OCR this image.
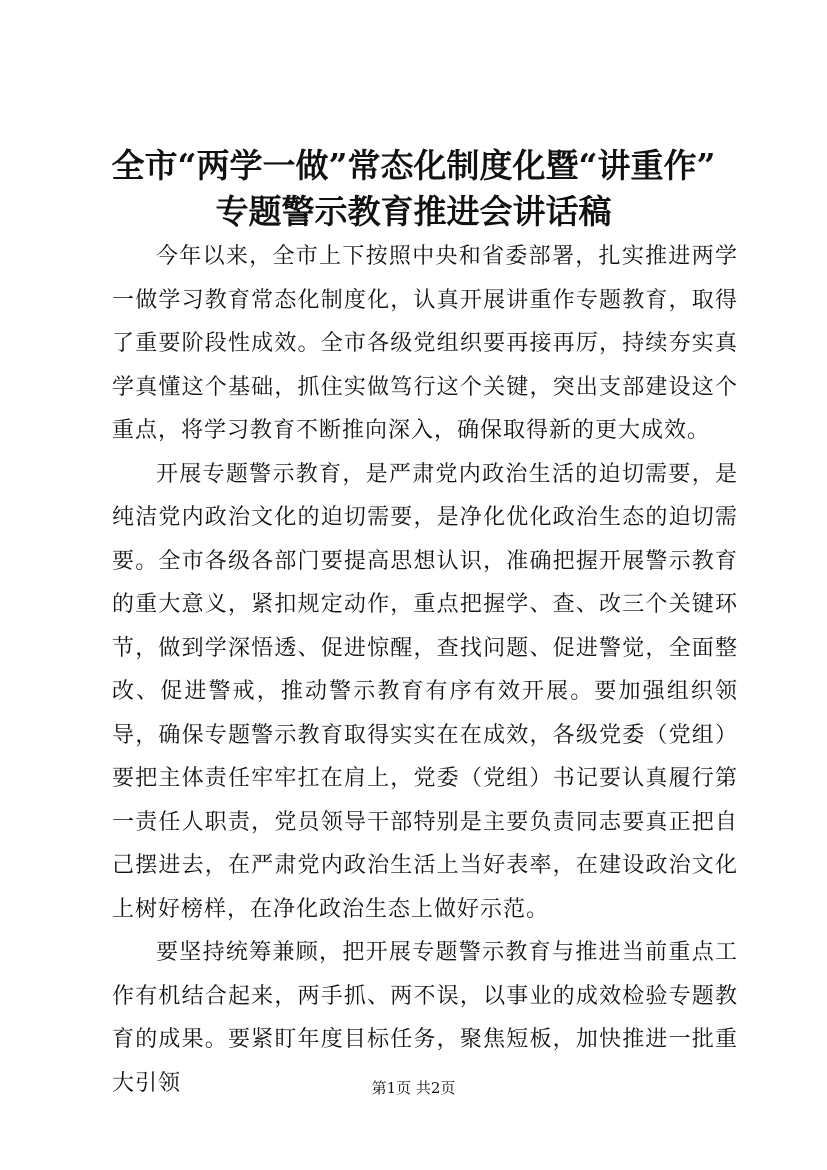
全市“两学一做”常态化制度化暨“讲重作”
专题警示教育推进会讲话稿

今年以来，全市上下按照中央和省委部署，扎实推进两学一做学习教育常态化制度化，认真开展讲重作专题教育，取得了重要阶段性成效。全市各级党组织要再接再厉，持续夯实真学真懂这个基础，抓住实做笃行这个关键，突出支部建设这个重点，将学习教育不断推向深入，确保取得新的更大成效。

开展专题警示教育，是严肃党内政治生活的迫切需要，是纯洁党内政治文化的迫切需要，是净化优化政治生态的迫切需要。全市各级各部门要提高思想认识，准确把握开展警示教育的重大意义，紧扣规定动作，重点把握学、查、改三个关键环节，做到学深悟透、促进惊醒，查找问题、促进警觉，全面整改、促进警戒，推动警示教育有序有效开展。要加强组织领导，确保专题警示教育取得实实在在成效，各级党委（党组）要把主体责任牢牢扛在肩上，党委（党组）书记要认真履行第一责任人职责，党员领导干部特别是主要负责同志要真正把自己摆进去，在严肃党内政治生活上当好表率，在建设政治文化上树好榜样，在净化政治生态上做好示范。

要坚持统筹兼顾，把开展专题警示教育与推进当前重点工作有机结合起来，两手抓、两不误，以事业的成效检验专题教育的成果。要紧盯年度目标任务，聚焦短板，加快推进一批重大引领	第1页 共2页
